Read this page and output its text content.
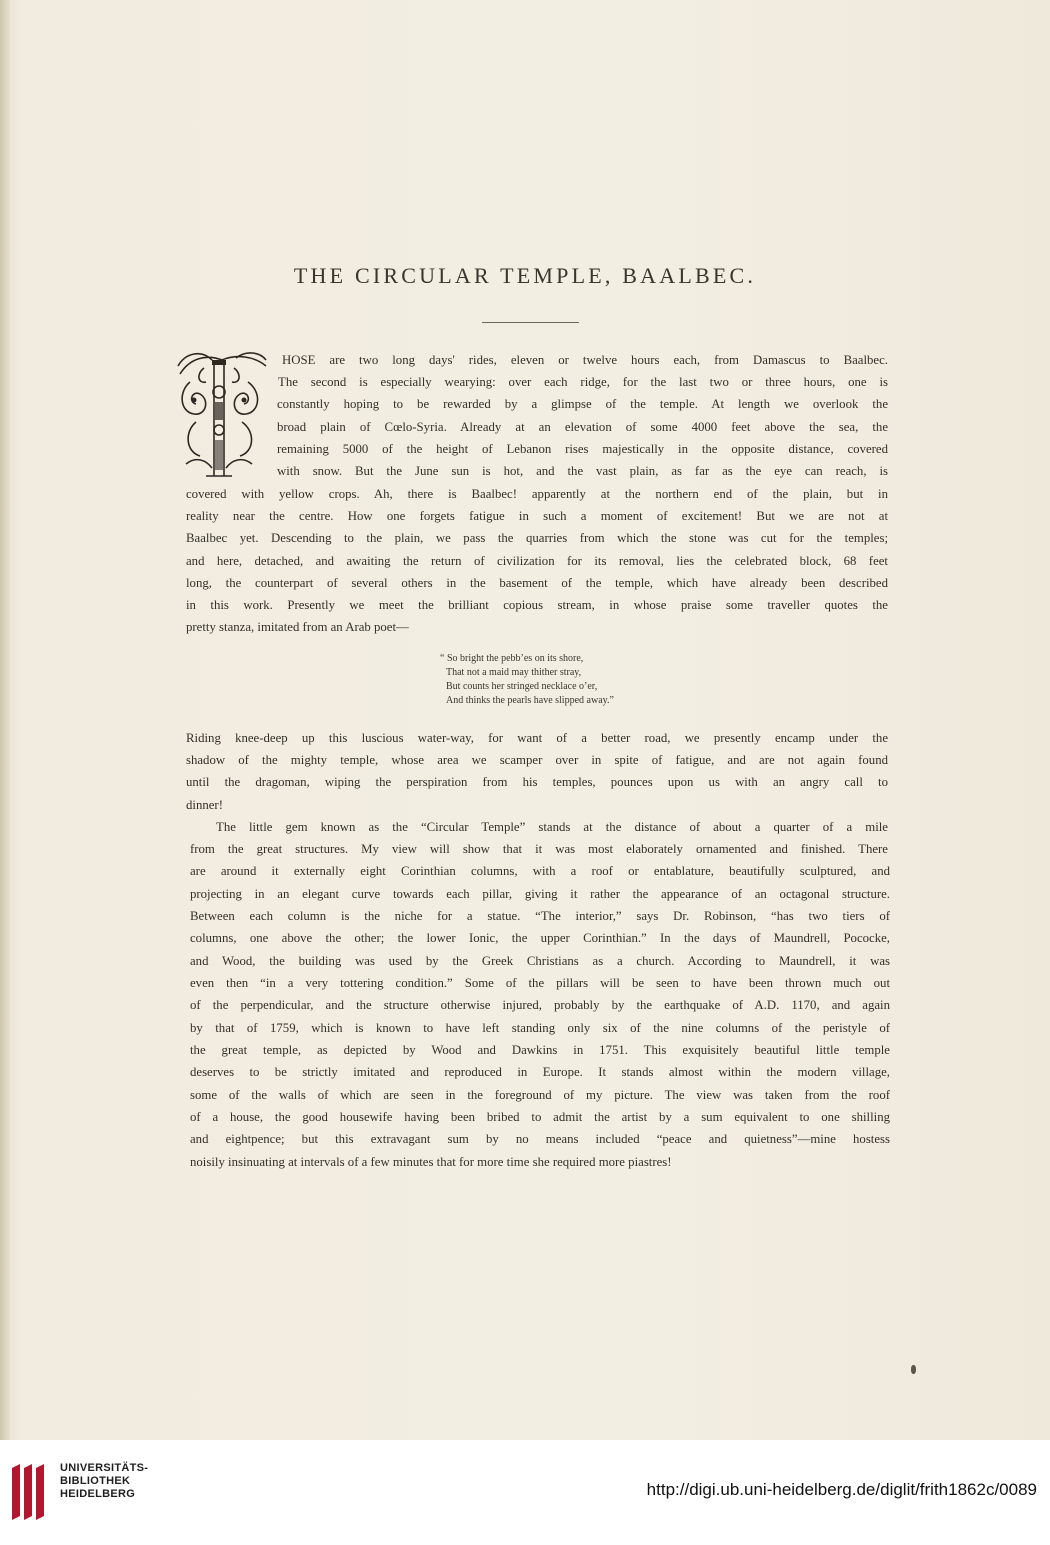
THE CIRCULAR TEMPLE, BAALBEC.
HOSE are two long days' rides, eleven or twelve hours each, from Damascus to Baalbec.
The second is especially wearying: over each ridge, for the last two or three hours, one is
constantly hoping to be rewarded by a glimpse of the temple. At length we overlook the
broad plain of Cœlo-Syria. Already at an elevation of some 4000 feet above the sea, the
remaining 5000 of the height of Lebanon rises majestically in the opposite distance, covered
with snow. But the June sun is hot, and the vast plain, as far as the eye can reach, is
covered with yellow crops. Ah, there is Baalbec! apparently at the northern end of the plain, but in
reality near the centre. How one forgets fatigue in such a moment of excitement! But we are not at
Baalbec yet. Descending to the plain, we pass the quarries from which the stone was cut for the temples;
and here, detached, and awaiting the return of civilization for its removal, lies the celebrated block, 68 feet
long, the counterpart of several others in the basement of the temple, which have already been described
in this work. Presently we meet the brilliant copious stream, in whose praise some traveller quotes the
pretty stanza, imitated from an Arab poet—
“ So bright the pebb’es on its shore,
That not a maid may thither stray,
But counts her stringed necklace o’er,
And thinks the pearls have slipped away.”
Riding knee-deep up this luscious water-way, for want of a better road, we presently encamp under the
shadow of the mighty temple, whose area we scamper over in spite of fatigue, and are not again found
until the dragoman, wiping the perspiration from his temples, pounces upon us with an angry call to
dinner!
The little gem known as the “Circular Temple” stands at the distance of about a quarter of a mile
from the great structures. My view will show that it was most elaborately ornamented and finished. There
are around it externally eight Corinthian columns, with a roof or entablature, beautifully sculptured, and
projecting in an elegant curve towards each pillar, giving it rather the appearance of an octagonal structure.
Between each column is the niche for a statue. “The interior,” says Dr. Robinson, “has two tiers of
columns, one above the other; the lower Ionic, the upper Corinthian.” In the days of Maundrell, Pococke,
and Wood, the building was used by the Greek Christians as a church. According to Maundrell, it was
even then “in a very tottering condition.” Some of the pillars will be seen to have been thrown much out
of the perpendicular, and the structure otherwise injured, probably by the earthquake of A.D. 1170, and again
by that of 1759, which is known to have left standing only six of the nine columns of the peristyle of
the great temple, as depicted by Wood and Dawkins in 1751. This exquisitely beautiful little temple
deserves to be strictly imitated and reproduced in Europe. It stands almost within the modern village,
some of the walls of which are seen in the foreground of my picture. The view was taken from the roof
of a house, the good housewife having been bribed to admit the artist by a sum equivalent to one shilling
and eightpence; but this extravagant sum by no means included “peace and quietness”—mine hostess
noisily insinuating at intervals of a few minutes that for more time she required more piastres!
UNIVERSITÄTS-
BIBLIOTHEK
HEIDELBERG	http://digi.ub.uni-heidelberg.de/diglit/frith1862c/0089
